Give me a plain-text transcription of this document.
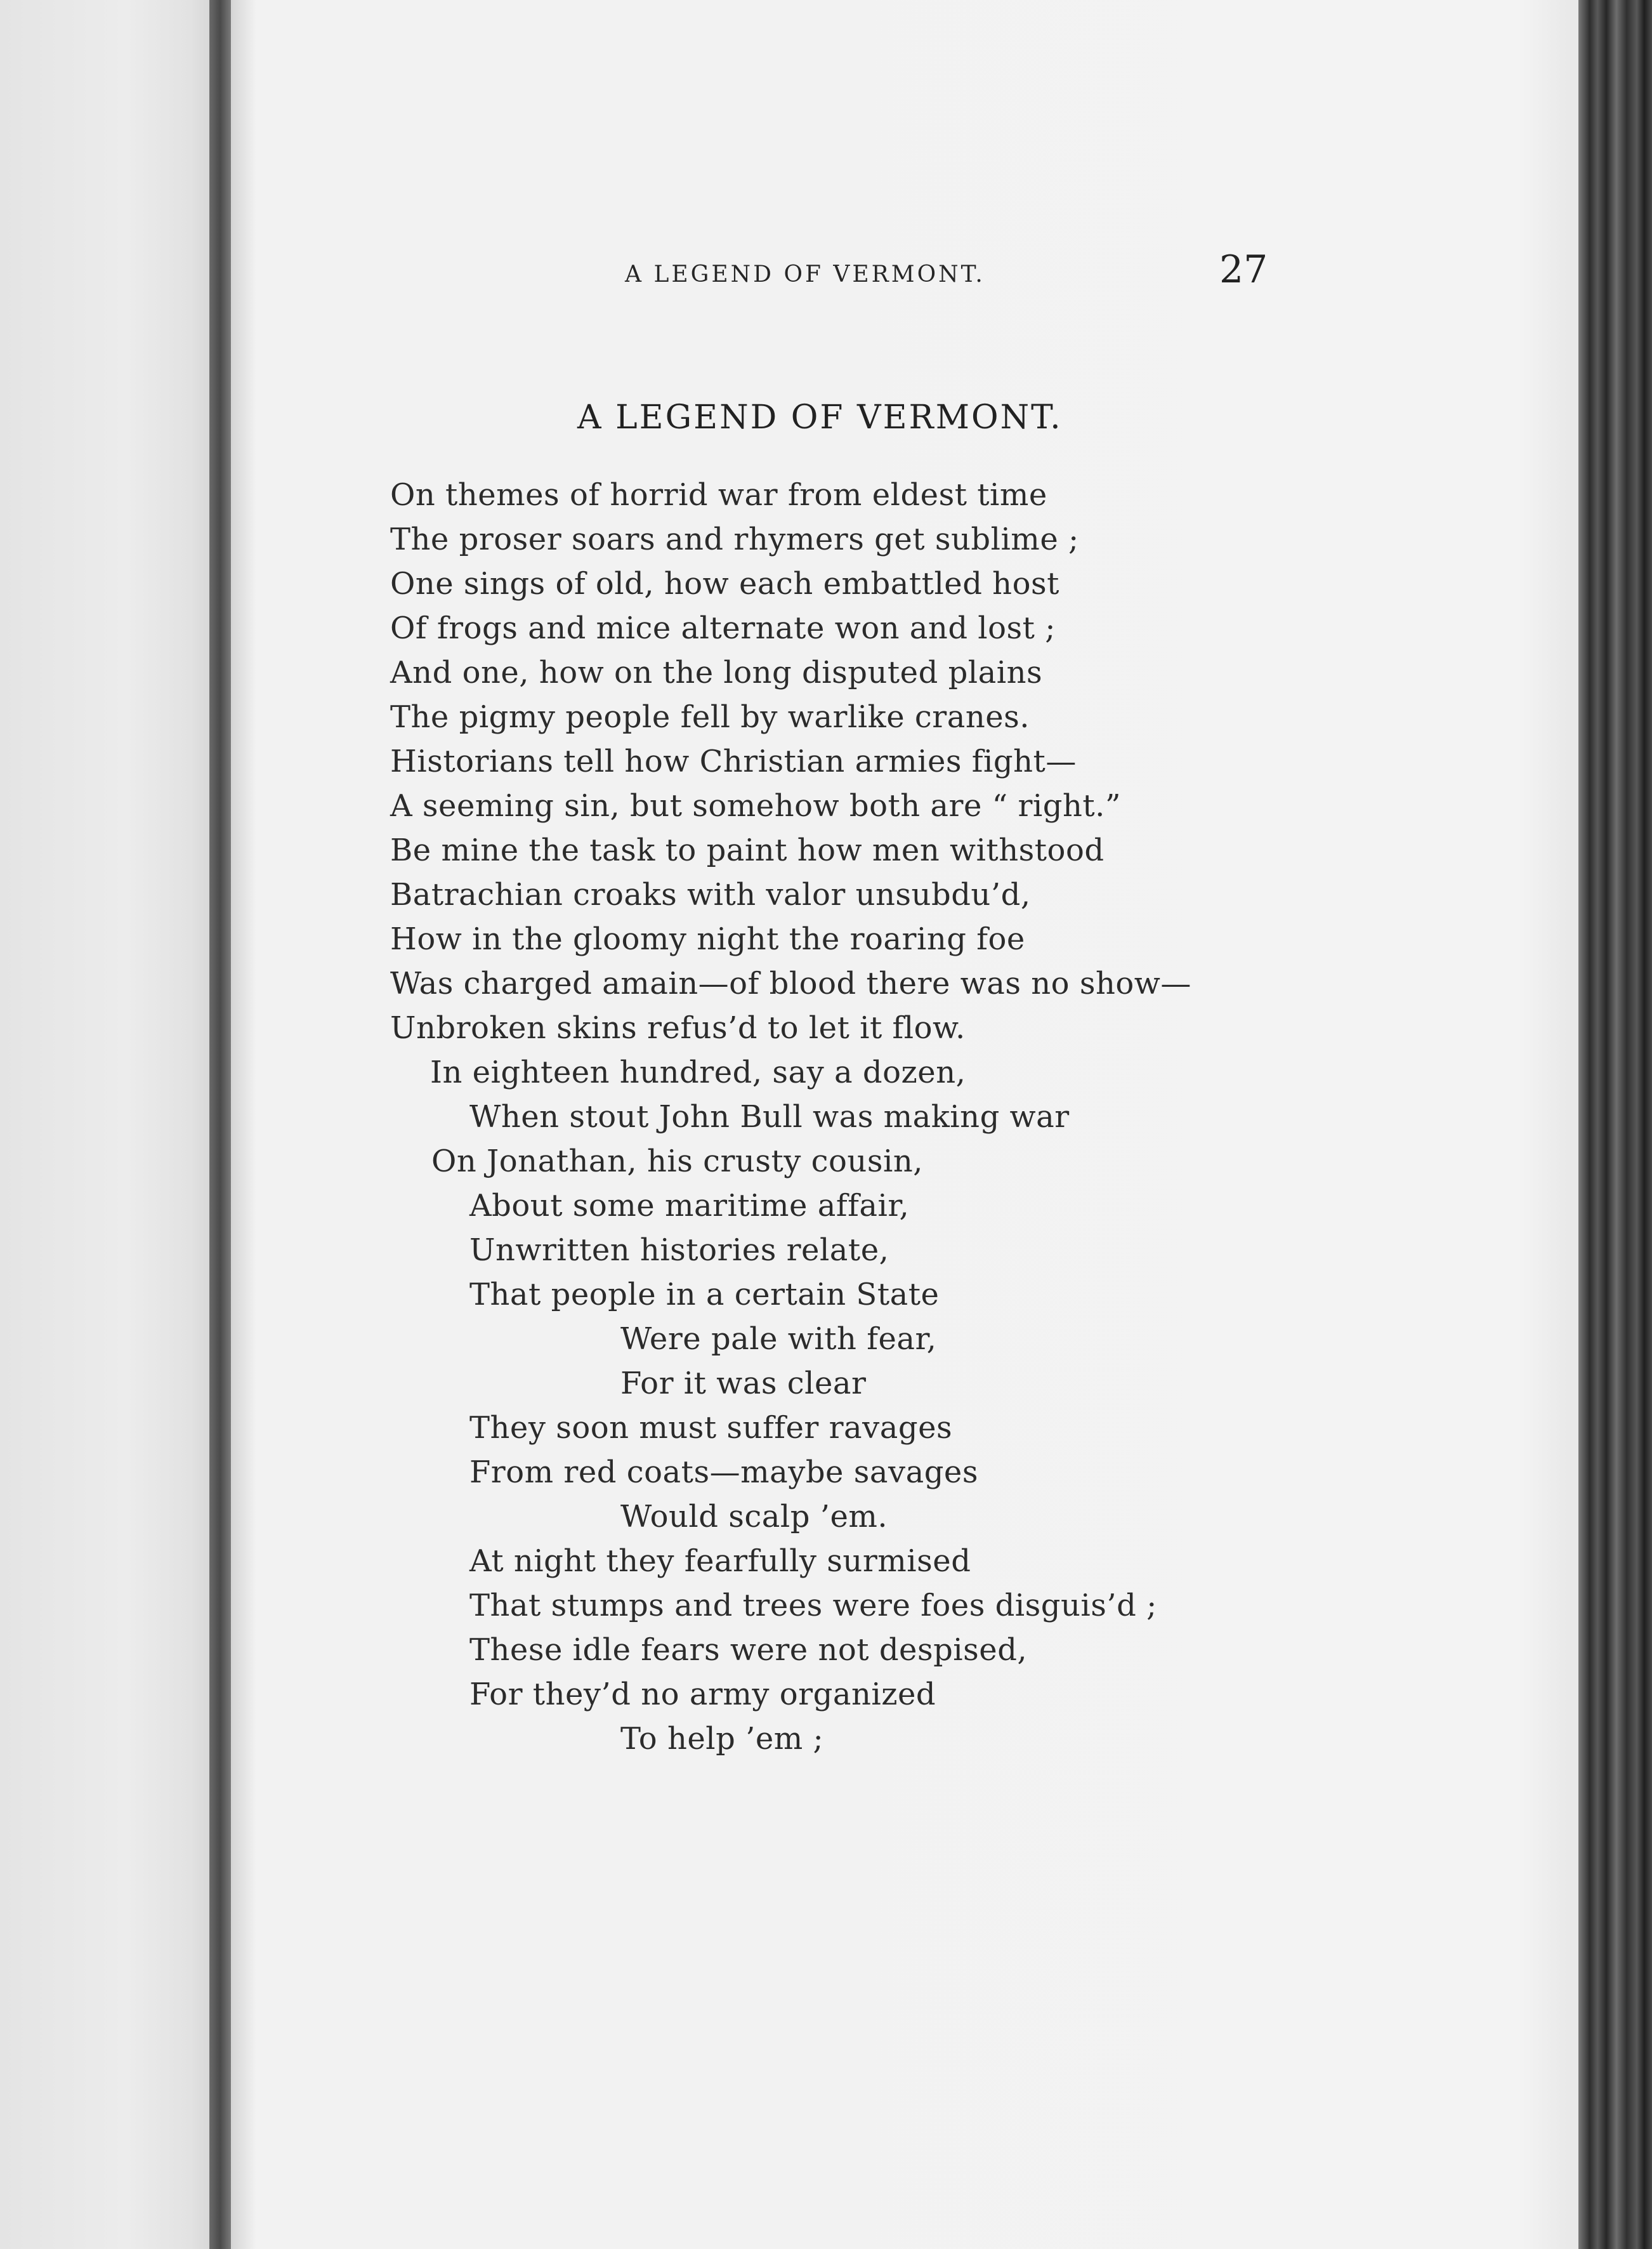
A LEGEND OF VERMONT.	27
A LEGEND OF VERMONT.
On themes of horrid war from eldest time
The proser soars and rhymers get sublime ;
One sings of old, how each embattled host
Of frogs and mice alternate won and lost ;
And one, how on the long disputed plains
The pigmy people fell by warlike cranes.
Historians tell how Christian armies fight—
A seeming sin, but somehow both are “ right.”
Be mine the task to paint how men withstood
Batrachian croaks with valor unsubdu’d,
How in the gloomy night the roaring foe
Was charged amain—of blood there was no show—
Unbroken skins refus’d to let it flow.
In eighteen hundred, say a dozen,
When stout John Bull was making war
On Jonathan, his crusty cousin,
About some maritime affair,
Unwritten histories relate,
That people in a certain State
Were pale with fear,
For it was clear
They soon must suffer ravages
From red coats—maybe savages
Would scalp ’em.
At night they fearfully surmised
That stumps and trees were foes disguis’d ;
These idle fears were not despised,
For they’d no army organized
To help ’em ;
